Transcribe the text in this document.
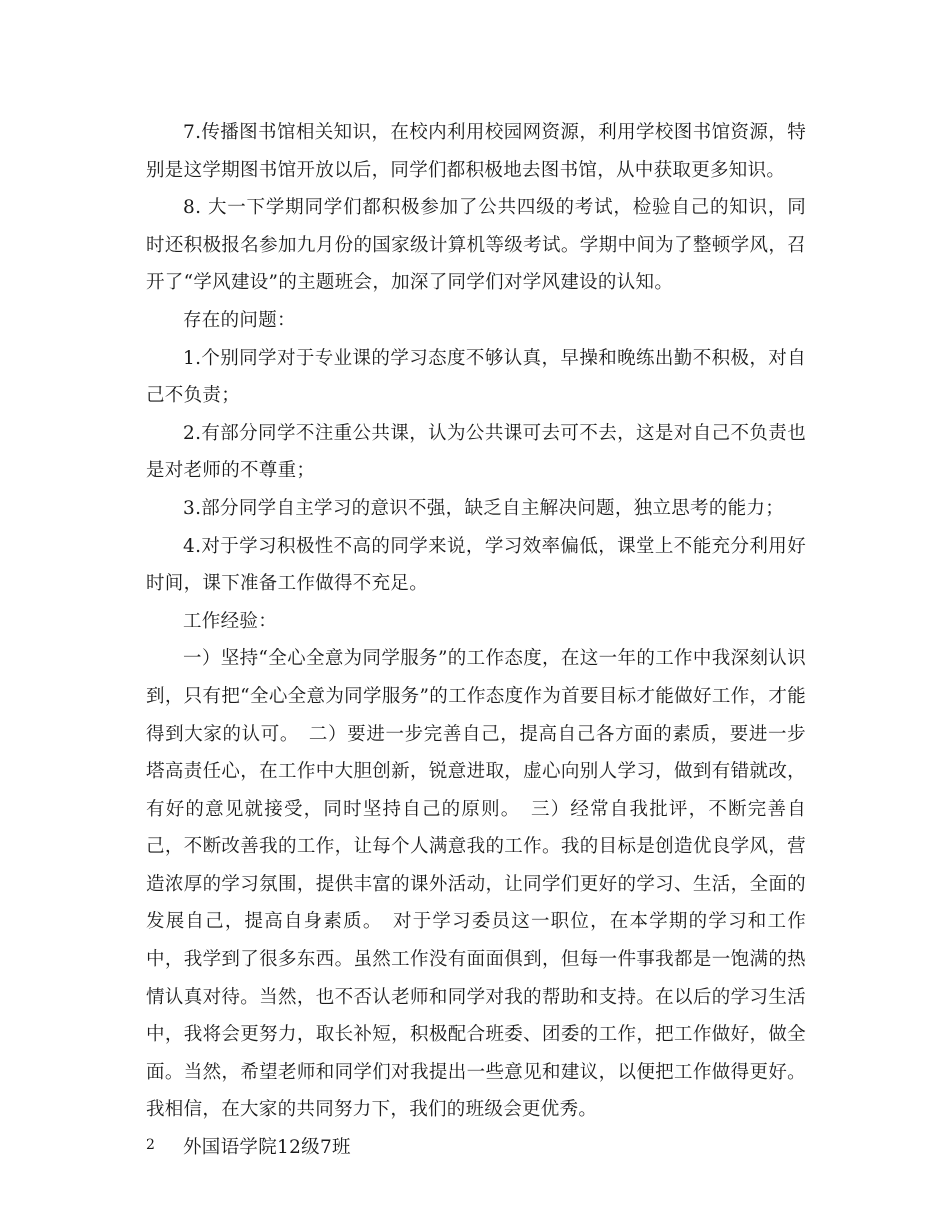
7.传播图书馆相关知识，在校内利用校园网资源，利用学校图书馆资源，特别是这学期图书馆开放以后，同学们都积极地去图书馆，从中获取更多知识。

8. 大一下学期同学们都积极参加了公共四级的考试，检验自己的知识，同时还积极报名参加九月份的国家级计算机等级考试。学期中间为了整顿学风，召开了“学风建设”的主题班会，加深了同学们对学风建设的认知。

存在的问题：

1.个别同学对于专业课的学习态度不够认真，早操和晚练出勤不积极，对自己不负责；

2.有部分同学不注重公共课，认为公共课可去可不去，这是对自己不负责也是对老师的不尊重；

3.部分同学自主学习的意识不强，缺乏自主解决问题，独立思考的能力；

4.对于学习积极性不高的同学来说，学习效率偏低，课堂上不能充分利用好时间，课下准备工作做得不充足。

工作经验：

一）坚持“全心全意为同学服务”的工作态度，在这一年的工作中我深刻认识到，只有把“全心全意为同学服务”的工作态度作为首要目标才能做好工作，才能得到大家的认可。　二）要进一步完善自己，提高自己各方面的素质，要进一步塔高责任心，在工作中大胆创新，锐意进取，虚心向别人学习，做到有错就改，有好的意见就接受，同时坚持自己的原则。　三）经常自我批评，不断完善自己，不断改善我的工作，让每个人满意我的工作。我的目标是创造优良学风，营造浓厚的学习氛围，提供丰富的课外活动，让同学们更好的学习、生活，全面的发展自己，提高自身素质。　对于学习委员这一职位，在本学期的学习和工作中，我学到了很多东西。虽然工作没有面面俱到，但每一件事我都是一饱满的热情认真对待。当然，也不否认老师和同学对我的帮助和支持。在以后的学习生活中，我将会更努力，取长补短，积极配合班委、团委的工作，把工作做好，做全面。当然，希望老师和同学们对我提出一些意见和建议，以便把工作做得更好。我相信，在大家的共同努力下，我们的班级会更优秀。

外国语学院12级7班

2
